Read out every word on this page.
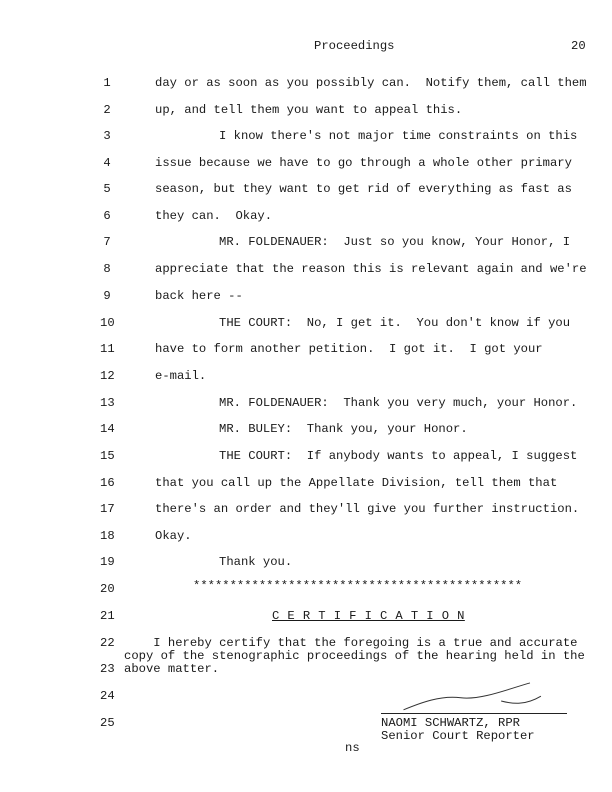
Proceedings	20
1
2
3
4
5
6
7
8
9
10
11
12
13
14
15
16
17
18
19
20
21
22
23
24
25
day or as soon as you possibly can.  Notify them, call them
up, and tell them you want to appeal this.
I know there's not major time constraints on this
issue because we have to go through a whole other primary
season, but they want to get rid of everything as fast as
they can.  Okay.
MR. FOLDENAUER:  Just so you know, Your Honor, I
appreciate that the reason this is relevant again and we're
back here --
THE COURT:  No, I get it.  You don't know if you
have to form another petition.  I got it.  I got your
e-mail.
MR. FOLDENAUER:  Thank you very much, your Honor.
MR. BULEY:  Thank you, your Honor.
THE COURT:  If anybody wants to appeal, I suggest
that you call up the Appellate Division, tell them that
there's an order and they'll give you further instruction.
Okay.
Thank you.
*********************************************
C E R T I F I C A T I O N
I hereby certify that the foregoing is a true and accurate
copy of the stenographic proceedings of the hearing held in the
above matter.
NAOMI SCHWARTZ, RPR
Senior Court Reporter
ns
